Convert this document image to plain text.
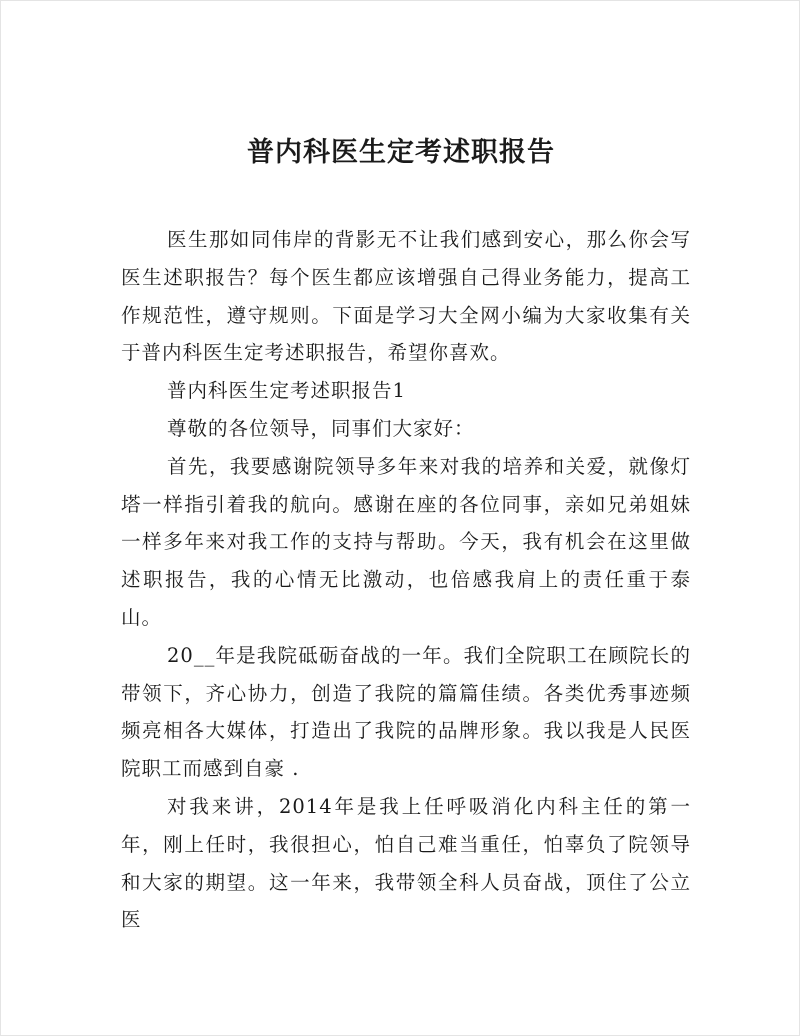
普内科医生定考述职报告

医生那如同伟岸的背影无不让我们感到安心，那么你会写医生述职报告？每个医生都应该增强自己得业务能力，提高工作规范性，遵守规则。下面是学习大全网小编为大家收集有关于普内科医生定考述职报告，希望你喜欢。

普内科医生定考述职报告1

尊敬的各位领导，同事们大家好：

首先，我要感谢院领导多年来对我的培养和关爱，就像灯塔一样指引着我的航向。感谢在座的各位同事，亲如兄弟姐妹一样多年来对我工作的支持与帮助。今天，我有机会在这里做述职报告，我的心情无比激动，也倍感我肩上的责任重于泰山。

20__年是我院砥砺奋战的一年。我们全院职工在顾院长的带领下，齐心协力，创造了我院的篇篇佳绩。各类优秀事迹频频亮相各大媒体，打造出了我院的品牌形象。我以我是人民医院职工而感到自豪 .

对我来讲，2014年是我上任呼吸消化内科主任的第一年，刚上任时，我很担心，怕自己难当重任，怕辜负了院领导和大家的期望。这一年来，我带领全科人员奋战，顶住了公立医
